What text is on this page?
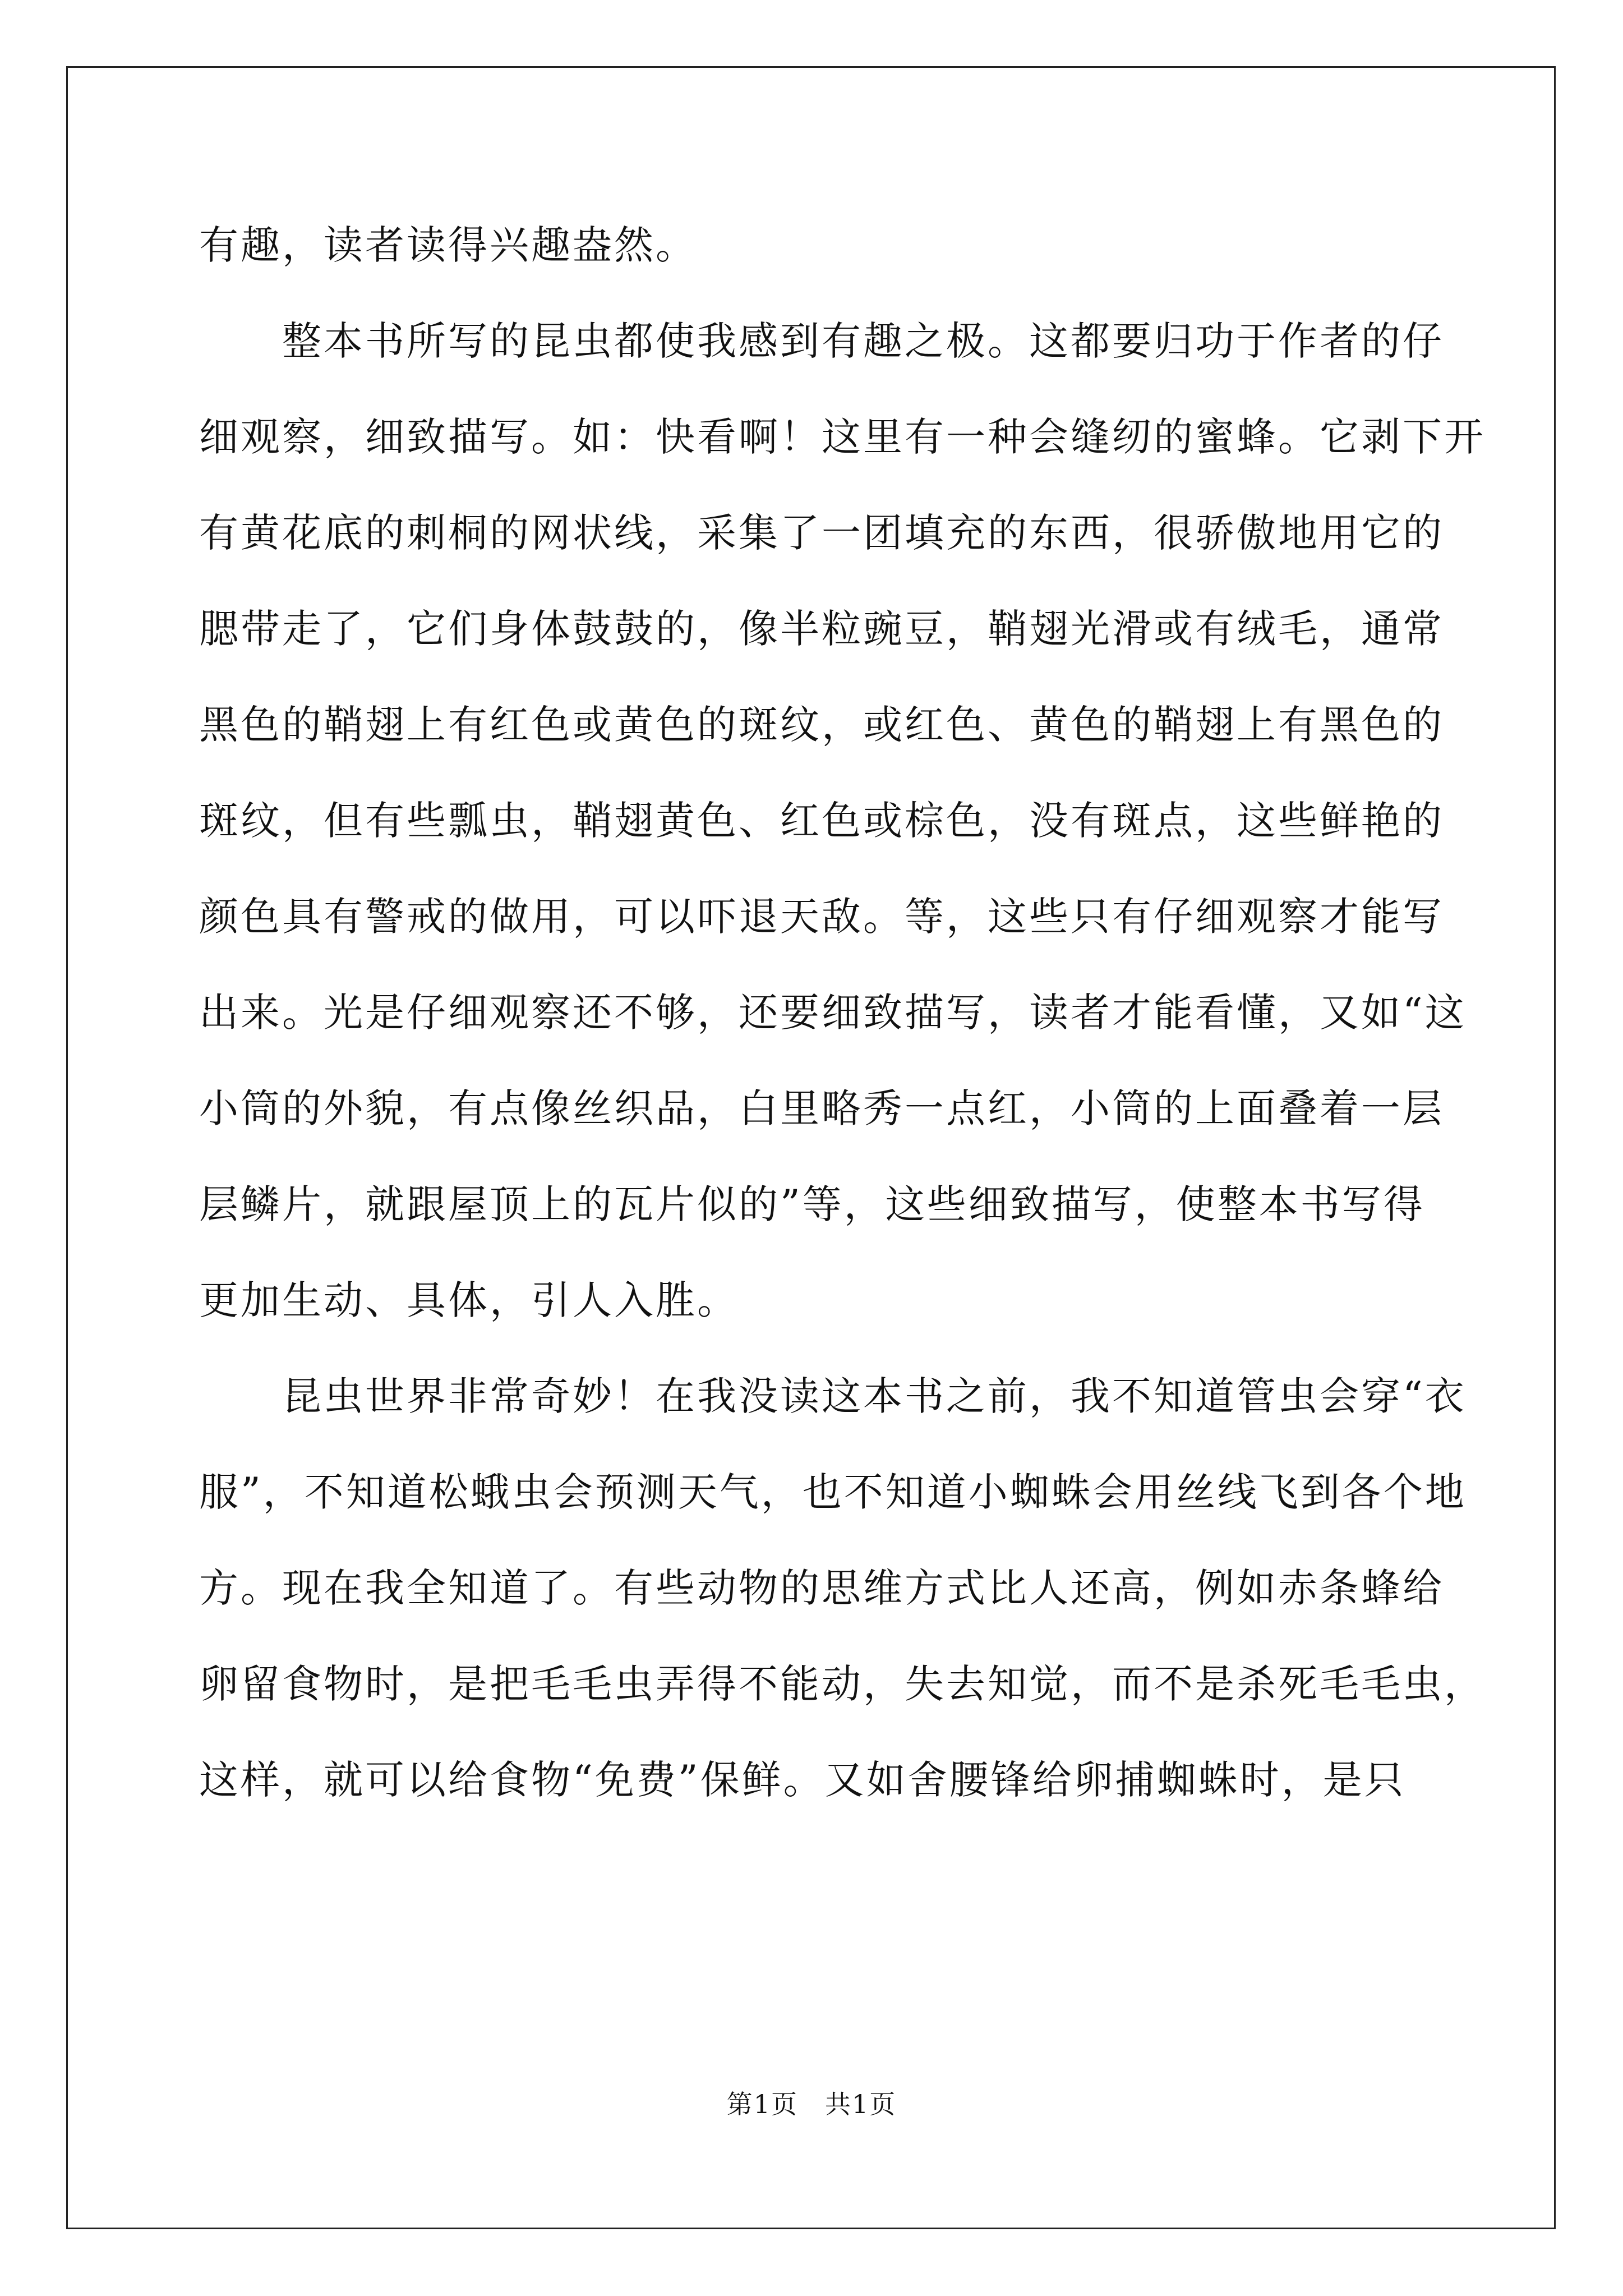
有趣，读者读得兴趣盎然。
整本书所写的昆虫都使我感到有趣之极。这都要归功于作者的仔
细观察，细致描写。如：快看啊！这里有一种会缝纫的蜜蜂。它剥下开
有黄花底的刺桐的网状线，采集了一团填充的东西，很骄傲地用它的
腮带走了，它们身体鼓鼓的，像半粒豌豆，鞘翅光滑或有绒毛，通常
黑色的鞘翅上有红色或黄色的斑纹，或红色、黄色的鞘翅上有黑色的
斑纹，但有些瓢虫，鞘翅黄色、红色或棕色，没有斑点，这些鲜艳的
颜色具有警戒的做用，可以吓退天敌。等，这些只有仔细观察才能写
出来。光是仔细观察还不够，还要细致描写，读者才能看懂，又如“这
小筒的外貌，有点像丝织品，白里略秀一点红，小筒的上面叠着一层
层鳞片，就跟屋顶上的瓦片似的”等，这些细致描写，使整本书写得
更加生动、具体，引人入胜。
昆虫世界非常奇妙！在我没读这本书之前，我不知道管虫会穿“衣
服”，不知道松蛾虫会预测天气，也不知道小蜘蛛会用丝线飞到各个地
方。现在我全知道了。有些动物的思维方式比人还高，例如赤条蜂给
卵留食物时，是把毛毛虫弄得不能动，失去知觉，而不是杀死毛毛虫，
这样，就可以给食物“免费”保鲜。又如舍腰锋给卵捕蜘蛛时，是只
第1页　共1页
